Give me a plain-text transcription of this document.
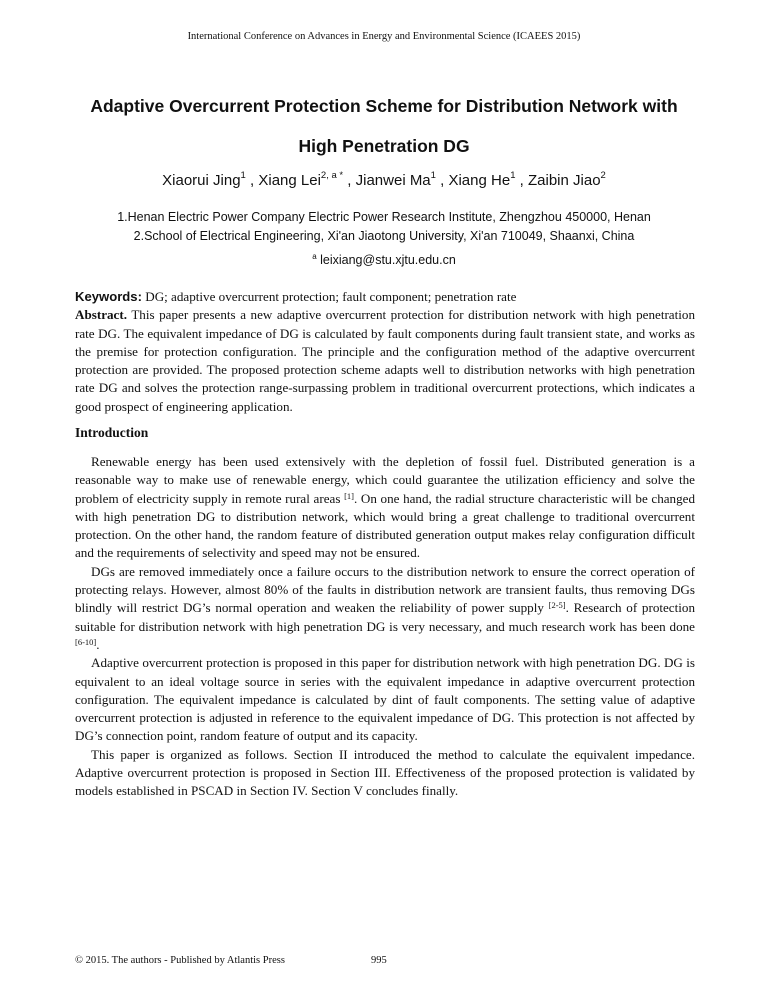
International Conference on Advances in Energy and Environmental Science (ICAEES 2015)
Adaptive Overcurrent Protection Scheme for Distribution Network with
High Penetration DG
Xiaorui Jing$^1$ , Xiang Lei$^{2, a *}$ , Jianwei Ma$^1$ , Xiang He$^1$ , Zaibin Jiao$^2$
1.Henan Electric Power Company Electric Power Research Institute, Zhengzhou 450000, Henan
2.School of Electrical Engineering, Xi'an Jiaotong University, Xi'an 710049, Shaanxi, China
$^a$ leixiang@stu.xjtu.edu.cn
Keywords: DG; adaptive overcurrent protection; fault component; penetration rate
Abstract. This paper presents a new adaptive overcurrent protection for distribution network with high penetration rate DG. The equivalent impedance of DG is calculated by fault components during fault transient state, and works as the premise for protection configuration. The principle and the configuration method of the adaptive overcurrent protection are provided. The proposed protection scheme adapts well to distribution networks with high penetration rate DG and solves the protection range-surpassing problem in traditional overcurrent protections, which indicates a good prospect of engineering application.
Introduction

Renewable energy has been used extensively with the depletion of fossil fuel. Distributed generation is a reasonable way to make use of renewable energy, which could guarantee the utilization efficiency and solve the problem of electricity supply in remote rural areas [1]. On one hand, the radial structure characteristic will be changed with high penetration DG to distribution network, which would bring a great challenge to traditional overcurrent protection. On the other hand, the random feature of distributed generation output makes relay configuration difficult and the requirements of selectivity and speed may not be ensured.

DGs are removed immediately once a failure occurs to the distribution network to ensure the correct operation of protecting relays. However, almost 80% of the faults in distribution network are transient faults, thus removing DGs blindly will restrict DG’s normal operation and weaken the reliability of power supply [2-5]. Research of protection suitable for distribution network with high penetration DG is very necessary, and much research work has been done [6-10].

Adaptive overcurrent protection is proposed in this paper for distribution network with high penetration DG. DG is equivalent to an ideal voltage source in series with the equivalent impedance in adaptive overcurrent protection configuration. The equivalent impedance is calculated by dint of fault components. The setting value of adaptive overcurrent protection is adjusted in reference to the equivalent impedance of DG. This protection is not affected by DG’s connection point, random feature of output and its capacity.

This paper is organized as follows. Section II introduced the method to calculate the equivalent impedance. Adaptive overcurrent protection is proposed in Section III. Effectiveness of the proposed protection is validated by models established in PSCAD in Section IV. Section V concludes finally.

© 2015. The authors - Published by Atlantis Press	995
